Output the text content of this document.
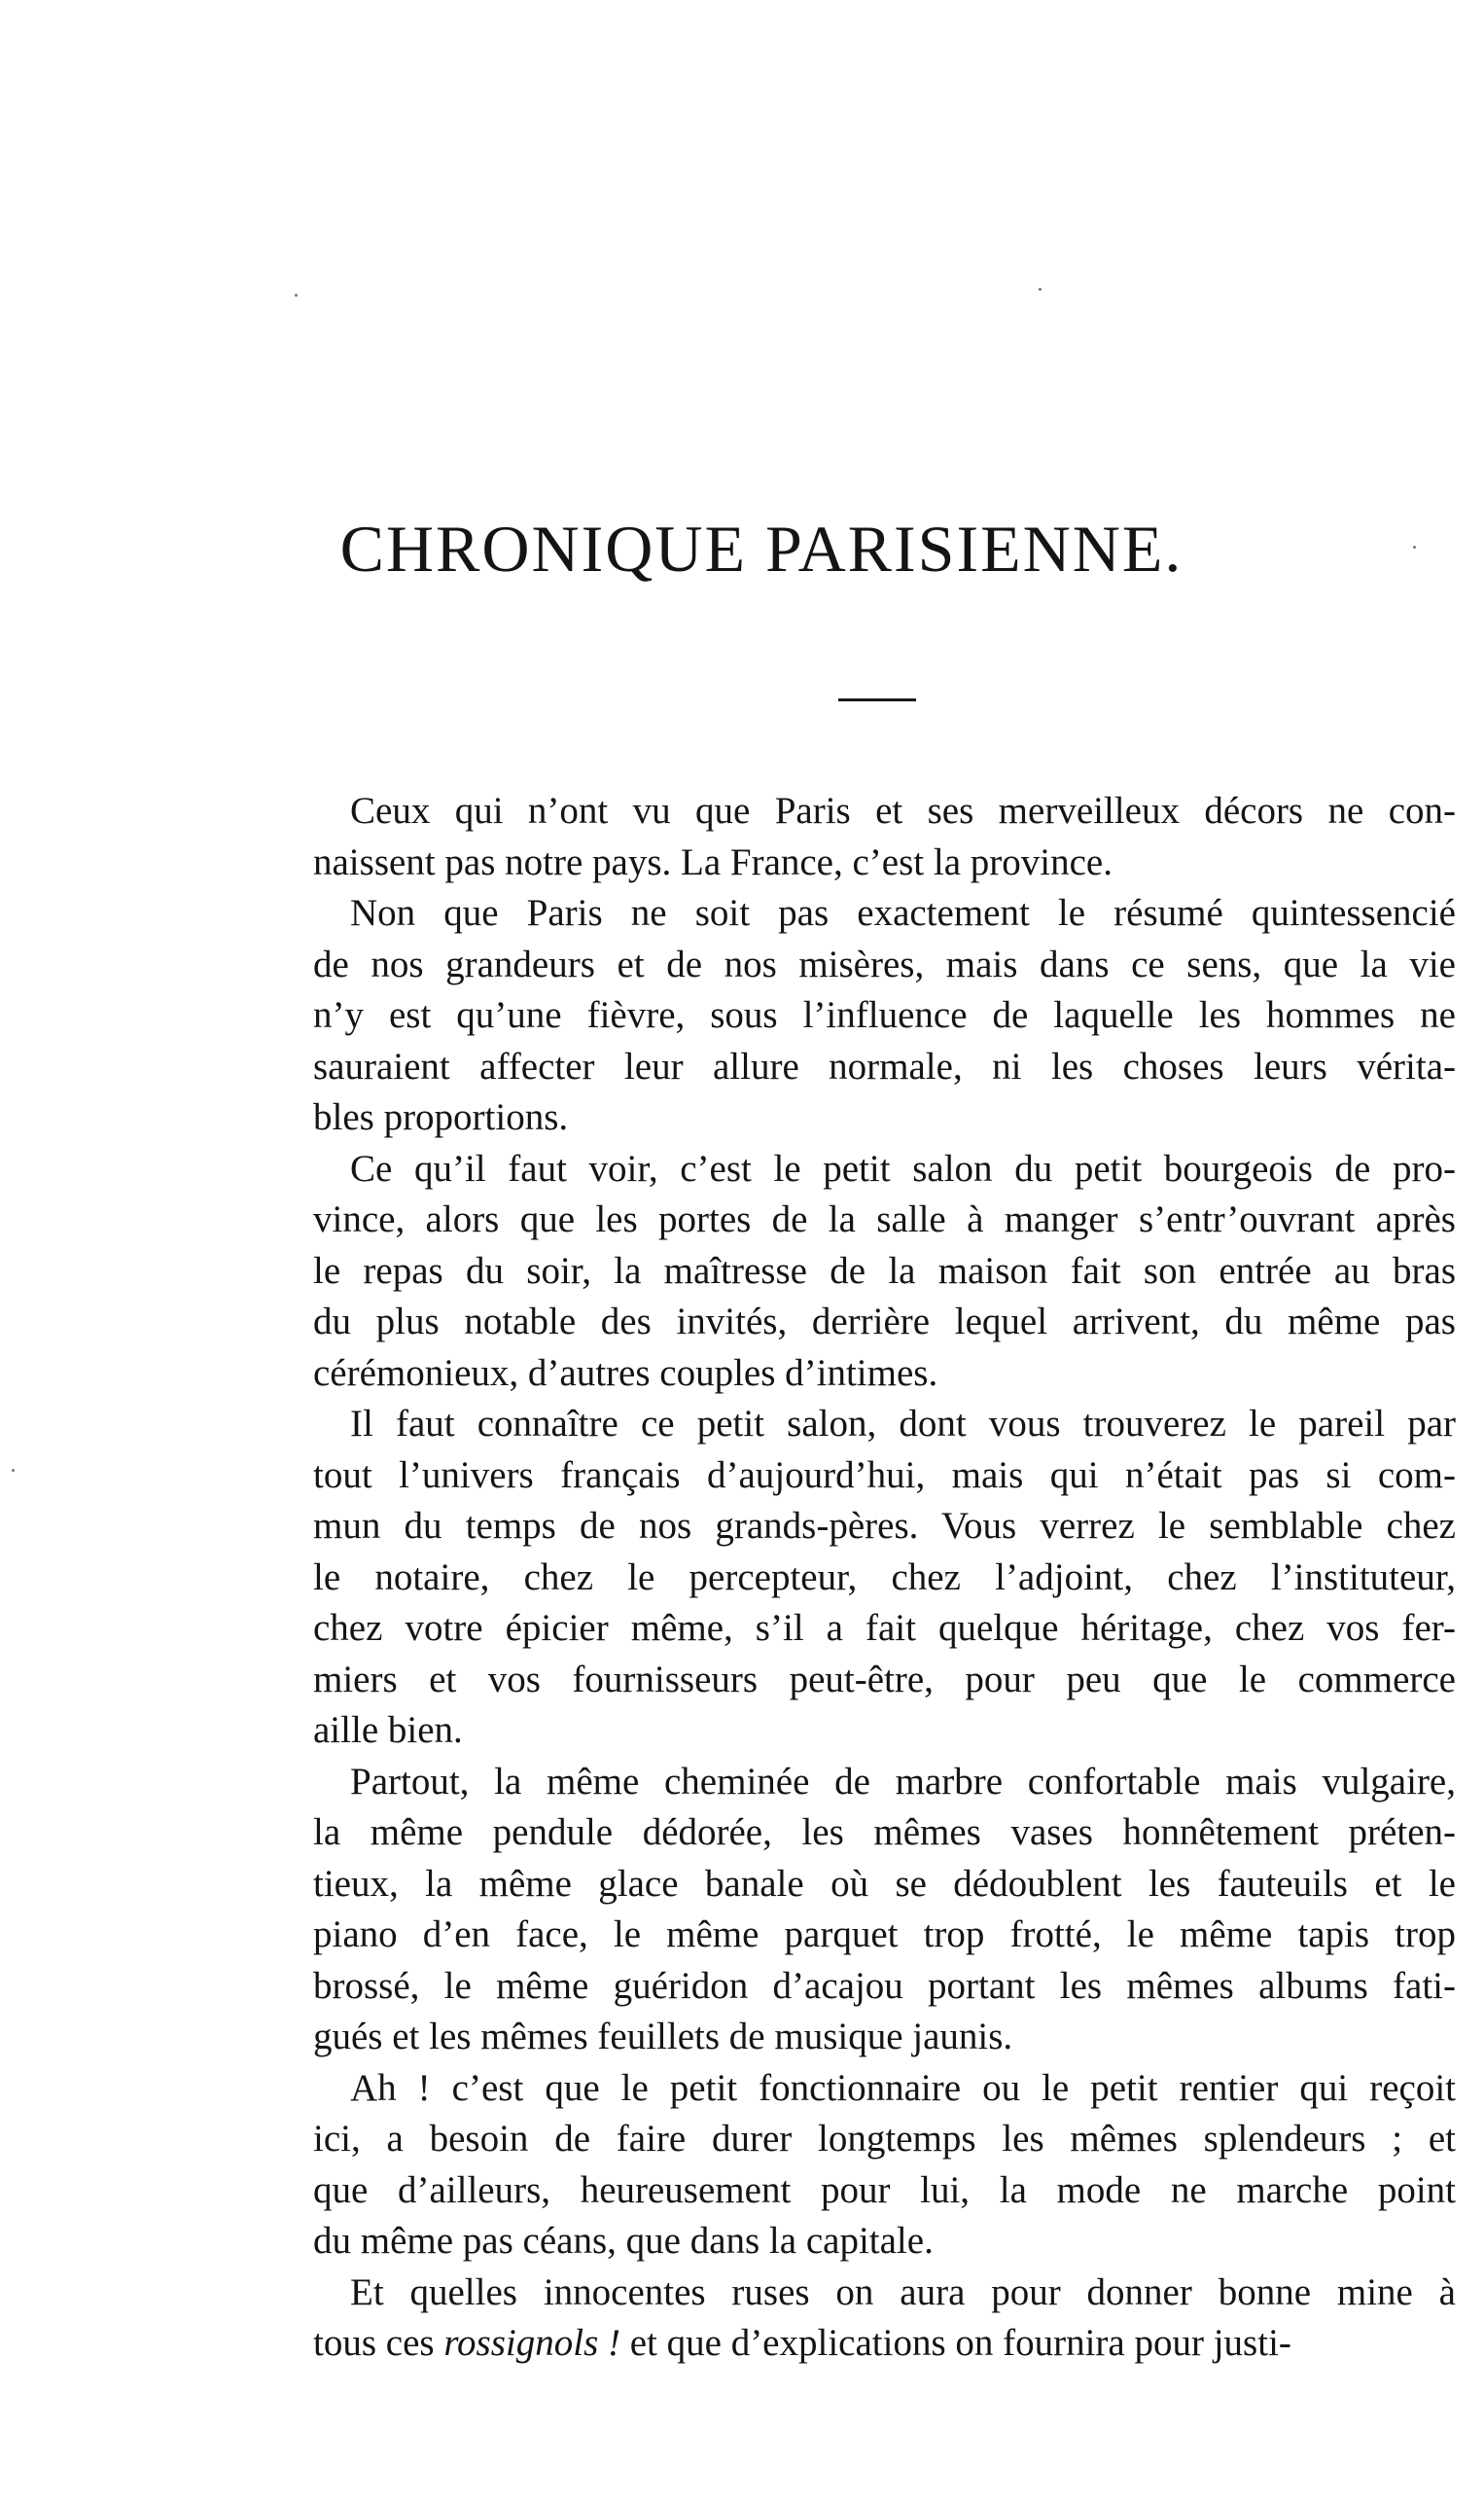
CHRONIQUE PARISIENNE.
Ceux qui n’ont vu que Paris et ses merveilleux décors ne con-
naissent pas notre pays. La France, c’est la province.
Non que Paris ne soit pas exactement le résumé quintessencié
de nos grandeurs et de nos misères, mais dans ce sens, que la vie
n’y est qu’une fièvre, sous l’influence de laquelle les hommes ne
sauraient affecter leur allure normale, ni les choses leurs vérita-
bles proportions.
Ce qu’il faut voir, c’est le petit salon du petit bourgeois de pro-
vince, alors que les portes de la salle à manger s’entr’ouvrant après
le repas du soir, la maîtresse de la maison fait son entrée au bras
du plus notable des invités, derrière lequel arrivent, du même pas
cérémonieux, d’autres couples d’intimes.
Il faut connaître ce petit salon, dont vous trouverez le pareil par
tout l’univers français d’aujourd’hui, mais qui n’était pas si com-
mun du temps de nos grands-pères. Vous verrez le semblable chez
le notaire, chez le percepteur, chez l’adjoint, chez l’instituteur,
chez votre épicier même, s’il a fait quelque héritage, chez vos fer-
miers et vos fournisseurs peut-être, pour peu que le commerce
aille bien.
Partout, la même cheminée de marbre confortable mais vulgaire,
la même pendule dédorée, les mêmes vases honnêtement préten-
tieux, la même glace banale où se dédoublent les fauteuils et le
piano d’en face, le même parquet trop frotté, le même tapis trop
brossé, le même guéridon d’acajou portant les mêmes albums fati-
gués et les mêmes feuillets de musique jaunis.
Ah ! c’est que le petit fonctionnaire ou le petit rentier qui reçoit
ici, a besoin de faire durer longtemps les mêmes splendeurs ; et
que d’ailleurs, heureusement pour lui, la mode ne marche point
du même pas céans, que dans la capitale.
Et quelles innocentes ruses on aura pour donner bonne mine à
tous ces rossignols ! et que d’explications on fournira pour justi-
